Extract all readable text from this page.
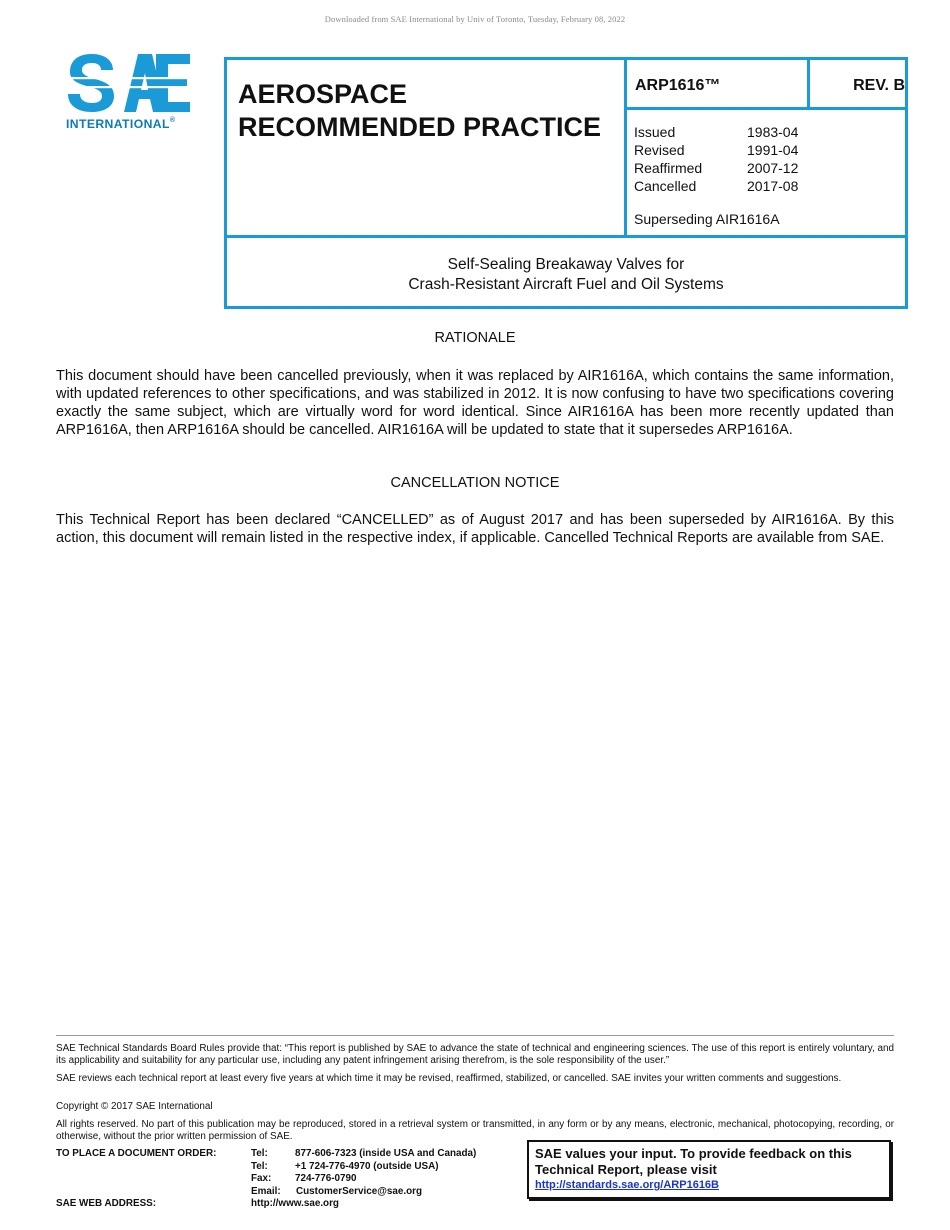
Downloaded from SAE International by Univ of Toronto, Tuesday, February 08, 2022
INTERNATIONAL®
AEROSPACE
RECOMMENDED PRACTICE
ARP1616™	REV. B
Issued	1983-04
Revised	1991-04
Reaffirmed	2007-12
Cancelled	2017-08
Superseding AIR1616A
Self-Sealing Breakaway Valves for
Crash-Resistant Aircraft Fuel and Oil Systems
RATIONALE
This document should have been cancelled previously, when it was replaced by AIR1616A, which contains the same information, with updated references to other specifications, and was stabilized in 2012. It is now confusing to have two specifications covering exactly the same subject, which are virtually word for word identical. Since AIR1616A has been more recently updated than ARP1616A, then ARP1616A should be cancelled. AIR1616A will be updated to state that it supersedes ARP1616A.
CANCELLATION NOTICE
This Technical Report has been declared “CANCELLED” as of August 2017 and has been superseded by AIR1616A. By this action, this document will remain listed in the respective index, if applicable. Cancelled Technical Reports are available from SAE.
SAE Technical Standards Board Rules provide that: “This report is published by SAE to advance the state of technical and engineering sciences. The use of this report is entirely voluntary, and its applicability and suitability for any particular use, including any patent infringement arising therefrom, is the sole responsibility of the user.”
SAE reviews each technical report at least every five years at which time it may be revised, reaffirmed, stabilized, or cancelled. SAE invites your written comments and suggestions.
Copyright © 2017 SAE International
All rights reserved. No part of this publication may be reproduced, stored in a retrieval system or transmitted, in any form or by any means, electronic, mechanical, photocopying, recording, or otherwise, without the prior written permission of SAE.
TO PLACE A DOCUMENT ORDER:	Tel:	877-606-7323 (inside USA and Canada)
Tel:	+1 724-776-4970 (outside USA)
Fax: 724-776-0790
Email: CustomerService@sae.org
SAE WEB ADDRESS:	http://www.sae.org
SAE values your input. To provide feedback on this
Technical Report, please visit
http://standards.sae.org/ARP1616B
